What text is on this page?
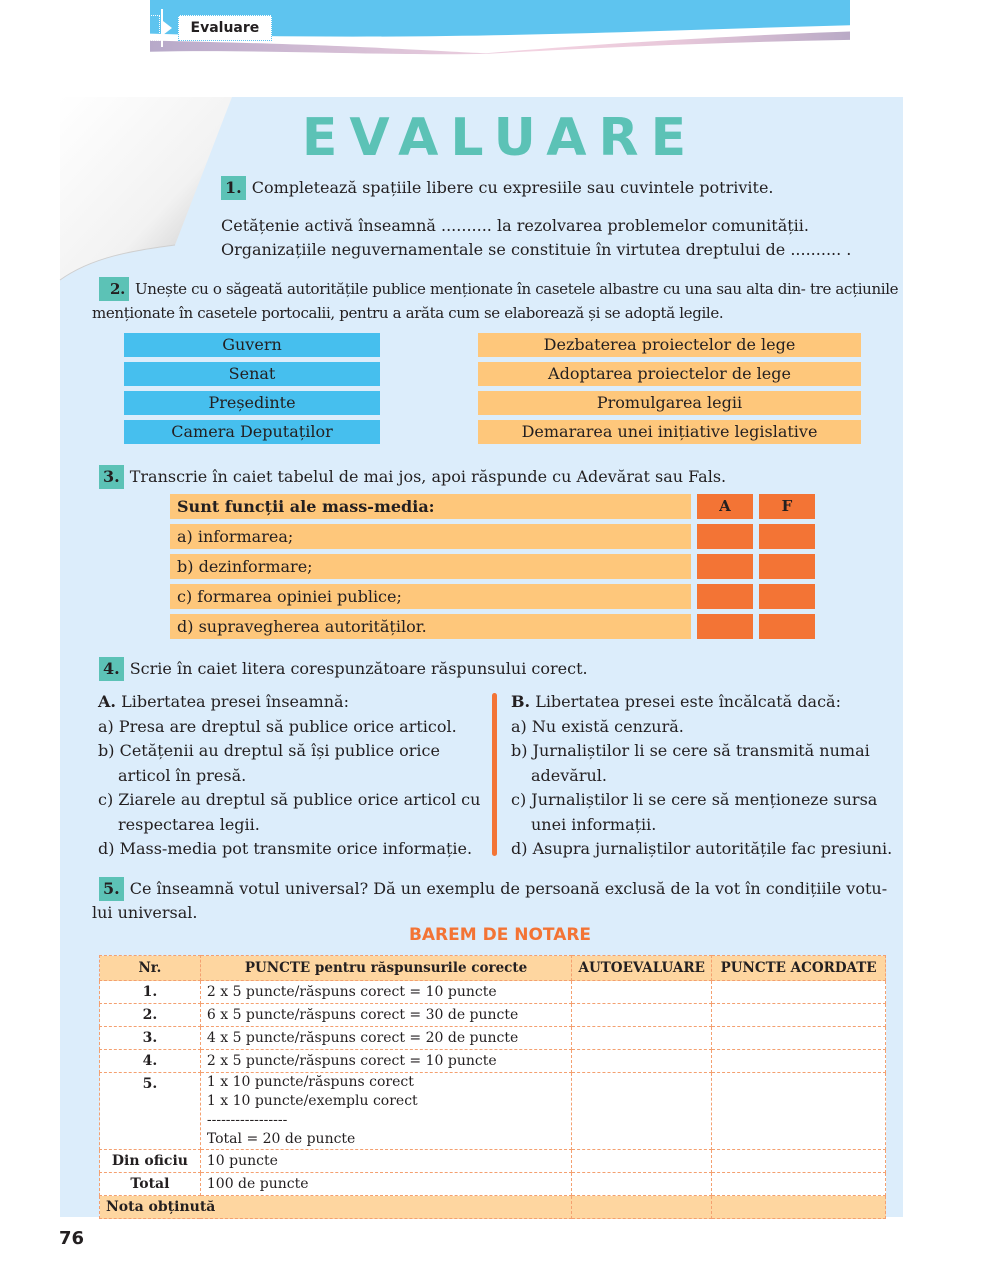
Unitatea 2	Evaluare
EVALUARE
1. Completează spațiile libere cu expresiile sau cuvintele potrivite.
Cetățenie activă înseamnă .......... la rezolvarea problemelor comunității.
Organizațiile neguvernamentale se constituie în virtutea dreptului de .......... .
2. Unește cu o săgeată autoritățile publice menționate în casetele albastre cu una sau alta din- tre acțiunile menționate în casetele portocalii, pentru a arăta cum se elaborează și se adoptă legile.
Guvern
Senat
Președinte
Camera Deputaților
Dezbaterea proiectelor de lege
Adoptarea proiectelor de lege
Promulgarea legii
Demararea unei inițiative legislative
3. Transcrie în caiet tabelul de mai jos, apoi răspunde cu Adevărat sau Fals.
Sunt funcții ale mass-media:	A	F
a) informarea;
b) dezinformare;
c) formarea opiniei publice;
d) supravegherea autorităților.
4. Scrie în caiet litera corespunzătoare răspunsului corect.
A. Libertatea presei înseamnă:
a) Presa are dreptul să publice orice articol.
b) Cetățenii au dreptul să își publice orice articol în presă.
c) Ziarele au dreptul să publice orice articol cu respectarea legii.
d) Mass-media pot transmite orice informație.
B. Libertatea presei este încălcată dacă:
a) Nu există cenzură.
b) Jurnaliștilor li se cere să transmită numai adevărul.
c) Jurnaliștilor li se cere să menționeze sursa unei informații.
d) Asupra jurnaliștilor autoritățile fac presiuni.
5. Ce înseamnă votul universal? Dă un exemplu de persoană exclusă de la vot în condițiile votu-
lui universal.
BAREM DE NOTARE
Nr.	PUNCTE pentru răspunsurile corecte	AUTOEVALUARE	PUNCTE ACORDATE
1.	2 x 5 puncte/răspuns corect = 10 puncte		

2.	6 x 5 puncte/răspuns corect = 30 de puncte		

3.	4 x 5 puncte/răspuns corect = 20 de puncte		

4.	2 x 5 puncte/răspuns corect = 10 puncte		

5.	1 x 10 puncte/răspuns corect
1 x 10 puncte/exemplu corect
-----------------
Total = 20 de puncte		

Din oficiu	10 puncte		

Total	100 de puncte		

Nota obținută			
76
